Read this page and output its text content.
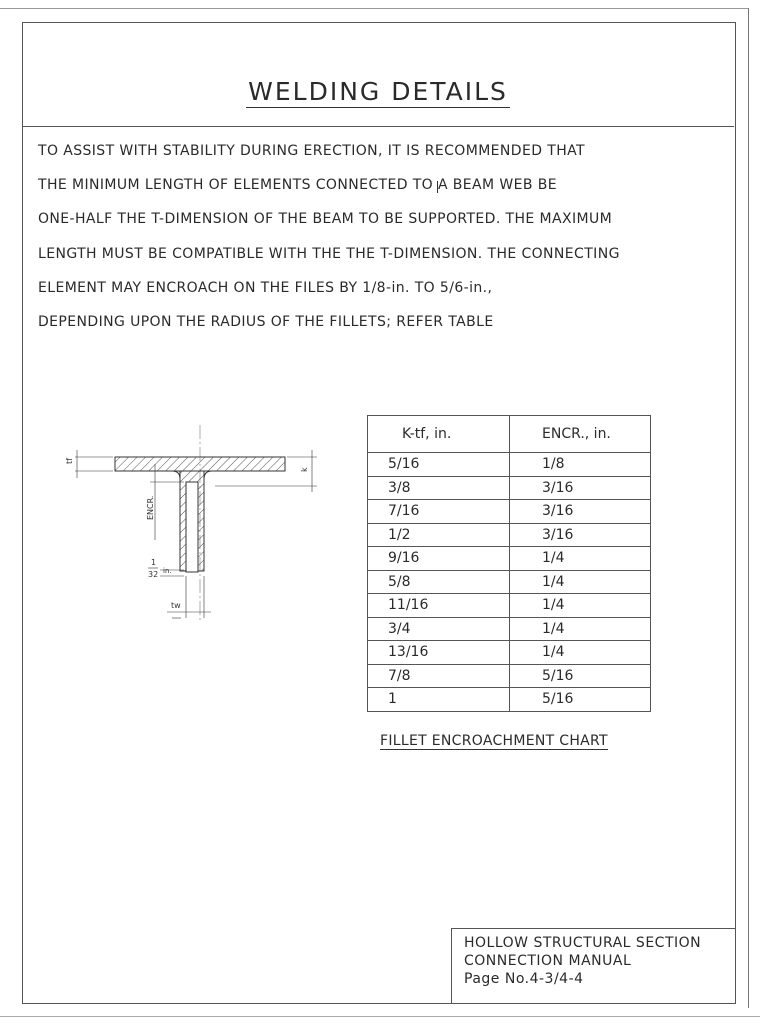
WELDING DETAILS
TO ASSIST WITH STABILITY DURING ERECTION, IT IS RECOMMENDED THAT
THE MINIMUM LENGTH OF ELEMENTS CONNECTED TO A BEAM WEB BE
ONE-HALF THE T-DIMENSION OF THE BEAM TO BE SUPPORTED. THE MAXIMUM
LENGTH MUST BE COMPATIBLE WITH THE THE T-DIMENSION. THE CONNECTING
ELEMENT MAY ENCROACH ON THE FILES BY 1/8-in. TO 5/6-in.,
DEPENDING UPON THE RADIUS OF THE FILLETS; REFER TABLE
tf
k
ENCR.
1
32 in.
tw
K-tf, in.	ENCR., in.
5/16	1/8
3/8	3/16
7/16	3/16
1/2	3/16
9/16	1/4
5/8	1/4
11/16	1/4
3/4	1/4
13/16	1/4
7/8	5/16
1	5/16
FILLET ENCROACHMENT CHART
HOLLOW STRUCTURAL SECTION
CONNECTION MANUAL
Page No.4-3/4-4
